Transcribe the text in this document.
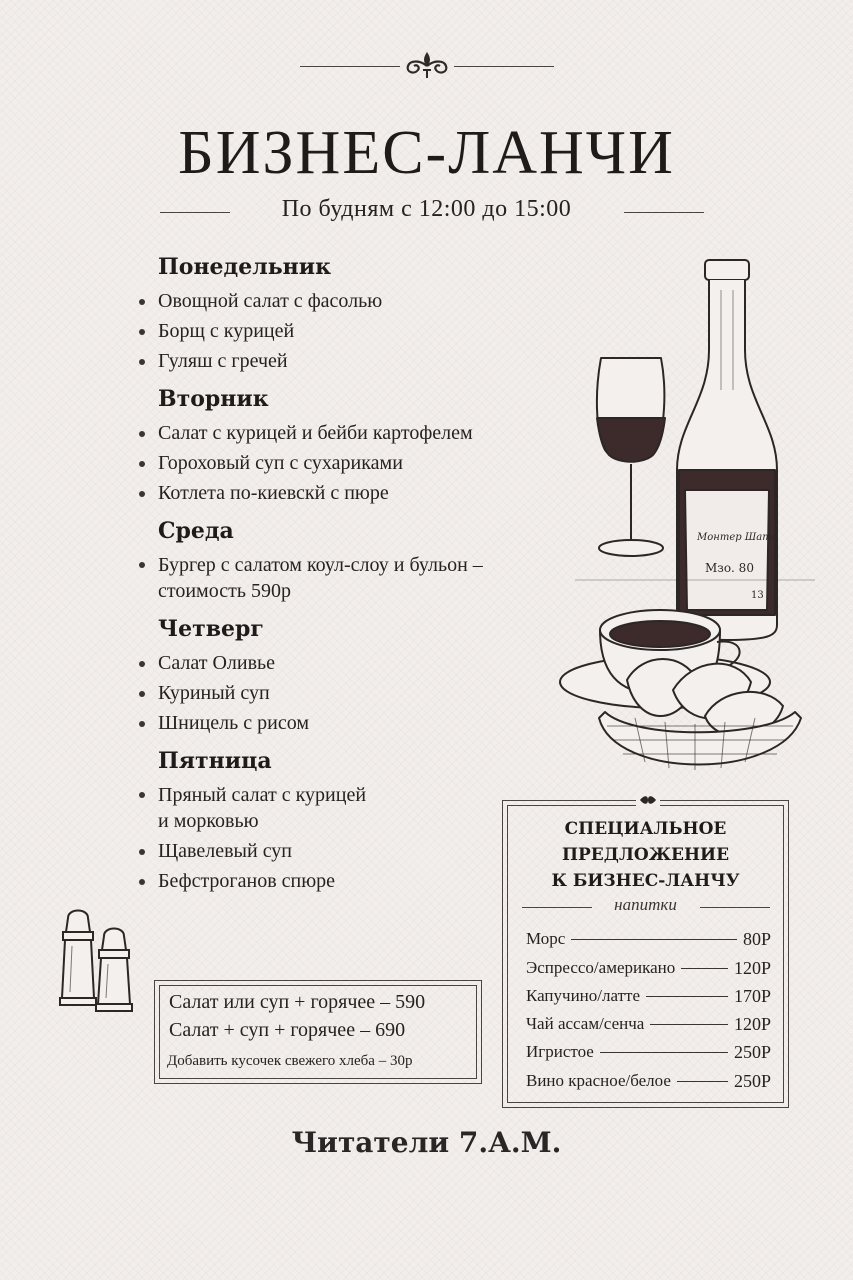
БИЗНЕС-ЛАНЧИ
По будням с 12:00 до 15:00
Понедельник
Овощной салат с фасолью
Борщ с курицей
Гуляш с гречей
Вторник
Салат с курицей и бейби картофелем
Гороховый суп с сухариками
Котлета по-киевскй с пюре
Среда
Бургер с салатом коул-слоу и бульон –
стоимость 590р
Четверг
Салат Оливье
Куриный суп
Шницель с рисом
Пятница
Пряный салат с курицей
и морковью
Щавелевый суп
Бефстроганов спюре
Монтер Шато
Мзо. 80
13
Салат или суп + горячее – 590
Салат + суп + горячее – 690
Добавить кусочек свежего хлеба – 30р
СПЕЦИАЛЬНОЕ
ПРЕДЛОЖЕНИЕ
К БИЗНЕС-ЛАНЧУ
напитки
Морс	80Р
Эспрессо/американо	120Р
Капучино/латте	170Р
Чай ассам/сенча	120Р
Игристое	250Р
Вино красное/белое	250Р
Читатели 7.А.М.
